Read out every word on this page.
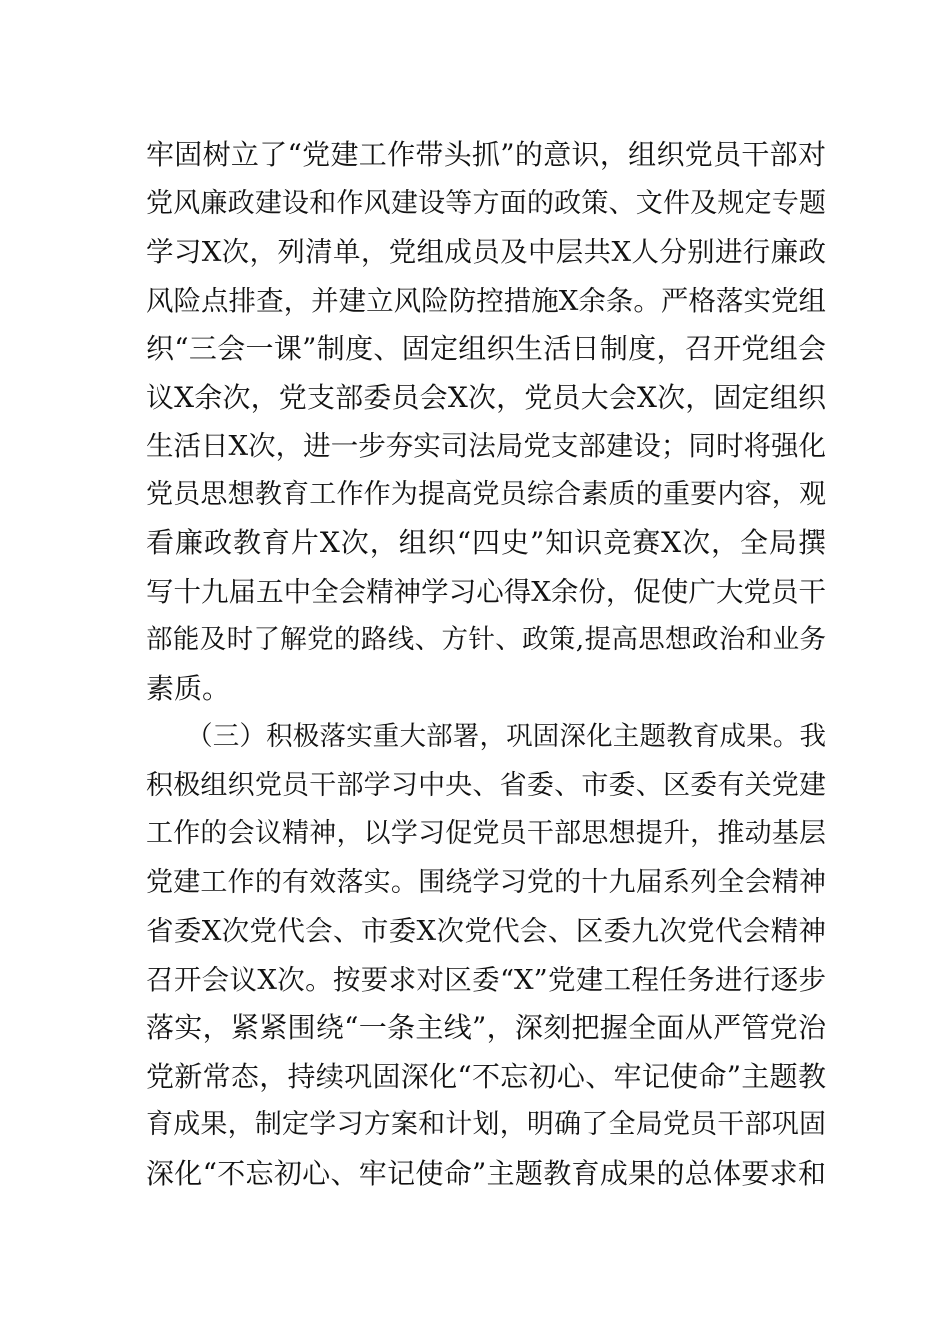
牢固树立了“党建工作带头抓”的意识，组织党员干部对
党风廉政建设和作风建设等方面的政策、文件及规定专题
学习X次，列清单，党组成员及中层共X人分别进行廉政
风险点排查，并建立风险防控措施X余条。严格落实党组
织“三会一课”制度、固定组织生活日制度，召开党组会
议X余次，党支部委员会X次，党员大会X次，固定组织
生活日X次，进一步夯实司法局党支部建设；同时将强化
党员思想教育工作作为提高党员综合素质的重要内容，观
看廉政教育片X次，组织“四史”知识竞赛X次，全局撰
写十九届五中全会精神学习心得X余份，促使广大党员干
部能及时了解党的路线、方针、政策,提高思想政治和业务
素质。
　　（三）积极落实重大部署，巩固深化主题教育成果。我
积极组织党员干部学习中央、省委、市委、区委有关党建
工作的会议精神，以学习促党员干部思想提升，推动基层
党建工作的有效落实。围绕学习党的十九届系列全会精神
省委X次党代会、市委X次党代会、区委九次党代会精神
召开会议X次。按要求对区委“X”党建工程任务进行逐步
落实，紧紧围绕“一条主线”，深刻把握全面从严管党治
党新常态，持续巩固深化“不忘初心、牢记使命”主题教
育成果，制定学习方案和计划，明确了全局党员干部巩固
深化“不忘初心、牢记使命”主题教育成果的总体要求和
